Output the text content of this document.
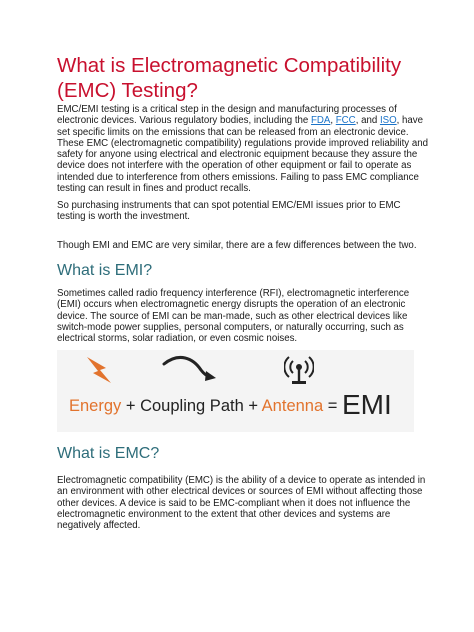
What is Electromagnetic Compatibility (EMC) Testing?

EMC/EMI testing is a critical step in the design and manufacturing processes of electronic devices. Various regulatory bodies, including the FDA, FCC, and ISO, have set specific limits on the emissions that can be released from an electronic device. These EMC (electromagnetic compatibility) regulations provide improved reliability and safety for anyone using electrical and electronic equipment because they assure the device does not interfere with the operation of other equipment or fail to operate as intended due to interference from others emissions. Failing to pass EMC compliance testing can result in fines and product recalls.

So purchasing instruments that can spot potential EMC/EMI issues prior to EMC testing is worth the investment.

Though EMI and EMC are very similar, there are a few differences between the two.

What is EMI?

Sometimes called radio frequency interference (RFI), electromagnetic interference (EMI) occurs when electromagnetic energy disrupts the operation of an electronic device. The source of EMI can be man-made, such as other electrical devices like switch-mode power supplies, personal computers, or naturally occurring, such as electrical storms, solar radiation, or even cosmic noises.

Energy + Coupling Path + Antenna = EMI
What is EMC?

Electromagnetic compatibility (EMC) is the ability of a device to operate as intended in an environment with other electrical devices or sources of EMI without affecting those other devices. A device is said to be EMC-compliant when it does not influence the electromagnetic environment to the extent that other devices and systems are negatively affected.
